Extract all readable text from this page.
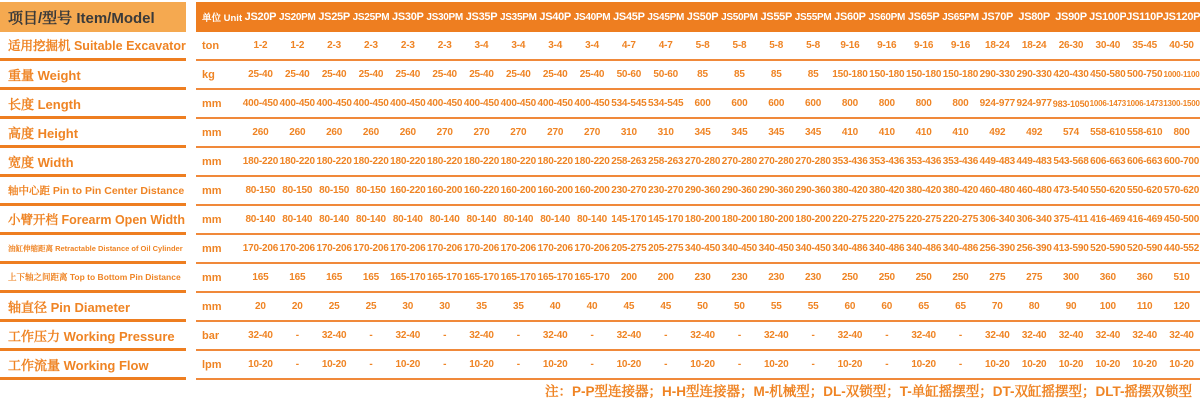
项目/型号 Item/Model	单位 Unit JS20P JS20PM JS25P JS25PM JS30P JS30PM JS35P JS35PM JS40P JS40PM JS45P JS45PM JS50P JS50PM JS55P JS55PM JS60P JS60PM JS65P JS65PM JS70P JS80P JS90P JS100P JS110P JS120P
适用挖掘机 Suitable Excavator	ton	1-2	1-2	2-3	2-3	2-3	2-3	3-4	3-4	3-4	3-4	4-7	4-7	5-8	5-8	5-8	5-8	9-16	9-16	9-16	9-16	18-24	18-24	26-30	30-40	35-45	40-50
重量 Weight	kg	25-40	25-40	25-40	25-40	25-40	25-40	25-40	25-40	25-40	25-40	50-60	50-60	85	85	85	85	150-180 150-180 150-180 150-180 290-330 290-330 420-430 450-580 500-750 1000-1100
长度 Length	mm	400-450 400-450 400-450 400-450 400-450 400-450 400-450 400-450 400-450 400-450 534-545 534-545	600	600	600	600	800	800	800	800	924-977 924-977 983-1050 1006-1473 1006-1473 1300-1500
高度 Height	mm	260	260	260	260	260	270	270	270	270	270	310	310	345	345	345	345	410	410	410	410	492	492	574	558-610 558-610	800
宽度 Width	mm	180-220 180-220 180-220 180-220 180-220 180-220 180-220 180-220 180-220 180-220 258-263 258-263 270-280 270-280 270-280 270-280 353-436 353-436 353-436 353-436 449-483 449-483 543-568 606-663 606-663 600-700
轴中心距 Pin to Pin Center Distance	mm	80-150 80-150 80-150 80-150 160-220 160-200 160-220 160-200 160-200 160-200 230-270 230-270 290-360 290-360 290-360 290-360 380-420 380-420 380-420 380-420 460-480 460-480 473-540 550-620 550-620 570-620
小臂开档 Forearm Open Width	mm	80-140 80-140 80-140 80-140 80-140 80-140 80-140 80-140 80-140 80-140 145-170 145-170 180-200 180-200 180-200 180-200 220-275 220-275 220-275 220-275 306-340 306-340 375-411 416-469 416-469 450-500
油缸伸缩距离 Retractable Distance of Oil Cylinder	mm	170-206 170-206 170-206 170-206 170-206 170-206 170-206 170-206 170-206 170-206 205-275 205-275 340-450 340-450 340-450 340-450 340-486 340-486 340-486 340-486 256-390 256-390 413-590 520-590 520-590 440-552
上下轴之间距离 Top to Bottom Pin Distance	mm	165	165	165	165	165-170 165-170 165-170 165-170 165-170 165-170	200	200	230	230	230	230	250	250	250	250	275	275	300	360	360	510
轴直径 Pin Diameter	mm	20	20	25	25	30	30	35	35	40	40	45	45	50	50	55	55	60	60	65	65	70	80	90	100	110	120
工作压力 Working Pressure	bar	32-40	-	32-40	-	32-40	-	32-40	-	32-40	-	32-40	-	32-40	-	32-40	-	32-40	-	32-40	-	32-40	32-40	32-40	32-40	32-40	32-40
工作流量 Working Flow	lpm	10-20	-	10-20	-	10-20	-	10-20	-	10-20	-	10-20	-	10-20	-	10-20	-	10-20	-	10-20	-	10-20	10-20	10-20	10-20	10-20	10-20
注：P-P型连接器；H-H型连接器；M-机械型；DL-双锁型；T-单缸摇摆型；DT-双缸摇摆型；DLT-摇摆双锁型
